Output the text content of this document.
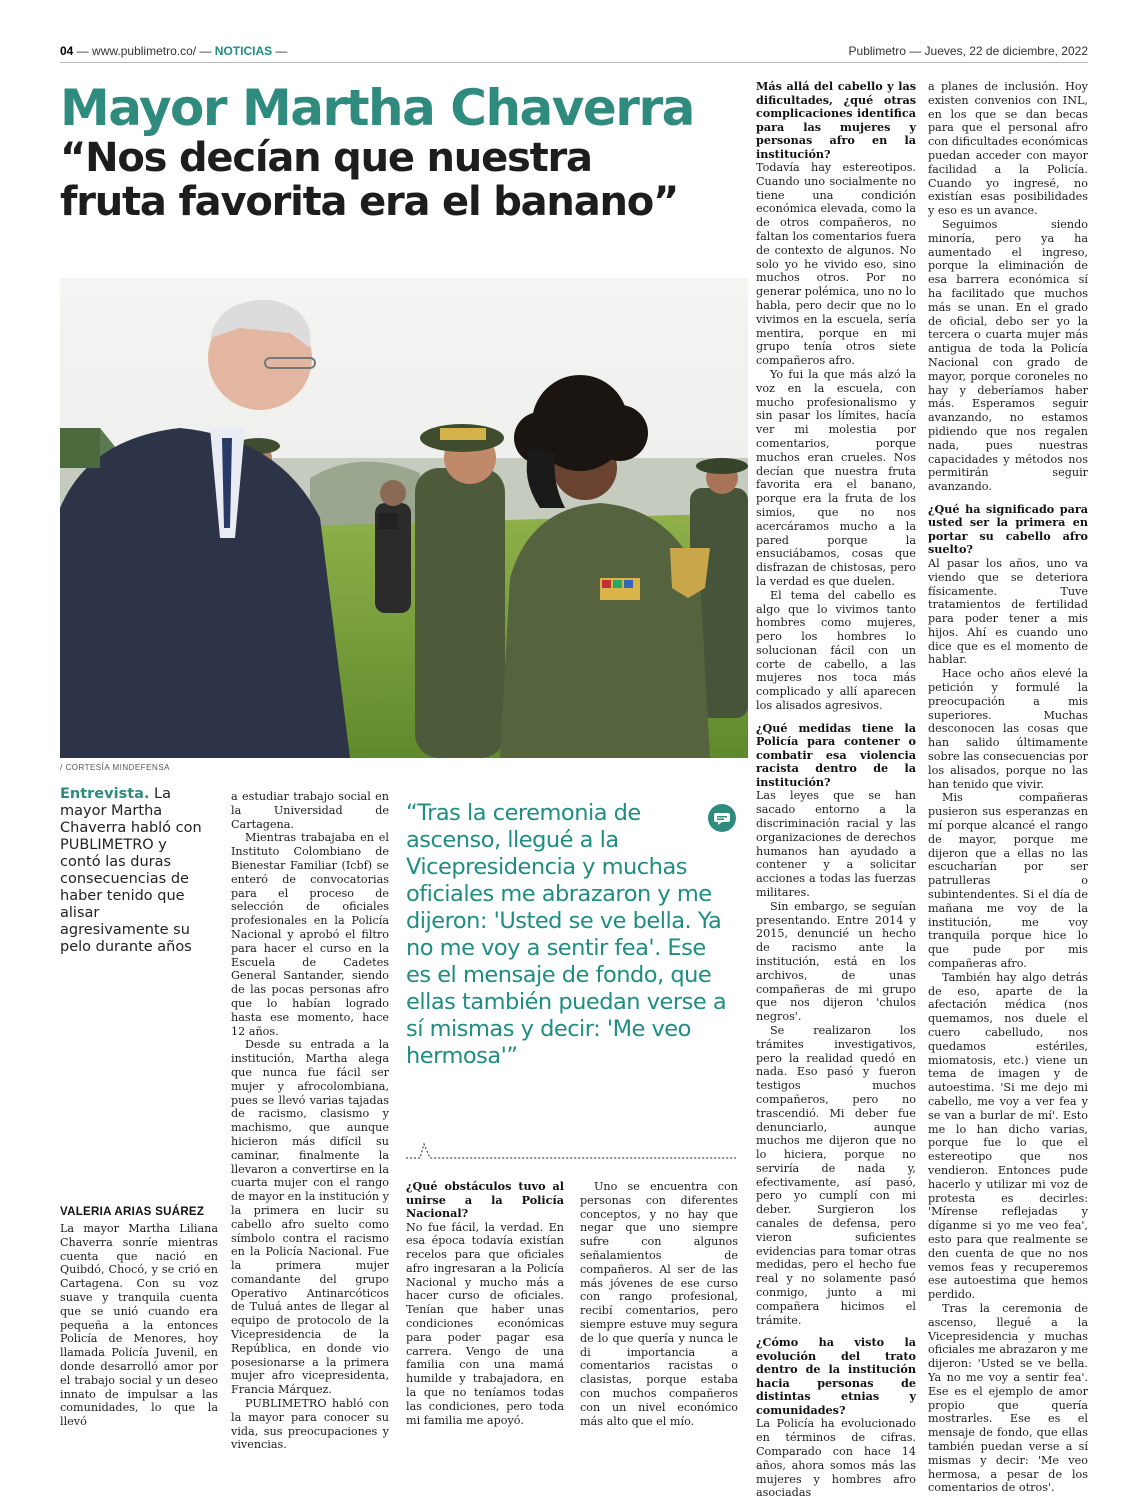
04 — www.publimetro.co/ — NOTICIAS —	Publimetro — Jueves, 22 de diciembre, 2022
Mayor Martha Chaverra
“Nos decían que nuestra
fruta favorita era el banano”
/ CORTESÍA MINDEFENSA
Entrevista. La mayor Martha Chaverra habló con PUBLIMETRO y contó las duras consecuencias de haber tenido que alisar agresivamente su pelo durante años
VALERIA ARIAS SUÁREZ

La mayor Martha Liliana Chaverra sonríe mientras cuenta que nació en Quibdó, Chocó, y se crió en Cartagena. Con su voz suave y tranquila cuenta que se unió cuando era pequeña a la entonces Policía de Menores, hoy llamada Policía Juvenil, en donde desarrolló amor por el trabajo social y un deseo innato de impulsar a las comunidades, lo que la llevó

a estudiar trabajo social en la Universidad de Cartagena.

Mientras trabajaba en el Instituto Colombiano de Bienestar Familiar (Icbf) se enteró de convocatorias para el proceso de selección de oficiales profesionales en la Policía Nacional y aprobó el filtro para hacer el curso en la Escuela de Cadetes General Santander, siendo de las pocas personas afro que lo habían logrado hasta ese momento, hace 12 años.

Desde su entrada a la institución, Martha alega que nunca fue fácil ser mujer y afrocolombiana, pues se llevó varias tajadas de racismo, clasismo y machismo, que aunque hicieron más difícil su caminar, finalmente la llevaron a convertirse en la cuarta mujer con el rango de mayor en la institución y la primera en lucir su cabello afro suelto como símbolo contra el racismo en la Policía Nacional. Fue la primera mujer comandante del grupo Operativo Antinarcóticos de Tuluá antes de llegar al equipo de protocolo de la Vicepresidencia de la República, en donde vio posesionarse a la primera mujer afro vicepresidenta, Francia Márquez.

PUBLIMETRO habló con la mayor para conocer su vida, sus preocupaciones y vivencias.

“Tras la ceremonia de ascenso, llegué a la Vicepresidencia y muchas oficiales me abrazaron y me dijeron: 'Usted se ve bella. Ya no me voy a sentir fea'. Ese es el mensaje de fondo, que ellas también puedan verse a sí mismas y decir: 'Me veo hermosa'”

¿Qué obstáculos tuvo al unirse a la Policía Nacional?

No fue fácil, la verdad. En esa época todavía existían recelos para que oficiales afro ingresaran a la Policía Nacional y mucho más a hacer curso de oficiales. Tenían que haber unas condiciones económicas para poder pagar esa carrera. Vengo de una familia con una mamá humilde y trabajadora, en la que no teníamos todas las condiciones, pero toda mi familia me apoyó.

Uno se encuentra con personas con diferentes conceptos, y no hay que negar que uno siempre sufre con algunos señalamientos de compañeros. Al ser de las más jóvenes de ese curso con rango profesional, recibí comentarios, pero siempre estuve muy segura de lo que quería y nunca le di importancia a comentarios racistas o clasistas, porque estaba con muchos compañeros con un nivel económico más alto que el mío.

Más allá del cabello y las dificultades, ¿qué otras complicaciones identifica para las mujeres y personas afro en la institución?

Todavía hay estereotipos. Cuando uno socialmente no tiene una condición económica elevada, como la de otros compañeros, no faltan los comentarios fuera de contexto de algunos. No solo yo he vivido eso, sino muchos otros. Por no generar polémica, uno no lo habla, pero decir que no lo vivimos en la escuela, sería mentira, porque en mi grupo tenía otros siete compañeros afro.

Yo fui la que más alzó la voz en la escuela, con mucho profesionalismo y sin pasar los límites, hacía ver mi molestia por comentarios, porque muchos eran crueles. Nos decían que nuestra fruta favorita era el banano, porque era la fruta de los simios, que no nos acercáramos mucho a la pared porque la ensuciábamos, cosas que disfrazan de chistosas, pero la verdad es que duelen.

El tema del cabello es algo que lo vivimos tanto hombres como mujeres, pero los hombres lo solucionan fácil con un corte de cabello, a las mujeres nos toca más complicado y allí aparecen los alisados agresivos.

¿Qué medidas tiene la Policía para contener o combatir esa violencia racista dentro de la institución?

Las leyes que se han sacado entorno a la discriminación racial y las organizaciones de derechos humanos han ayudado a contener y a solicitar acciones a todas las fuerzas militares.

Sin embargo, se seguían presentando. Entre 2014 y 2015, denuncié un hecho de racismo ante la institución, está en los archivos, de unas compañeras de mi grupo que nos dijeron 'chulos negros'.

Se realizaron los trámites investigativos, pero la realidad quedó en nada. Eso pasó y fueron testigos muchos compañeros, pero no trascendió. Mi deber fue denunciarlo, aunque muchos me dijeron que no lo hiciera, porque no serviría de nada y, efectivamente, así pasó, pero yo cumplí con mi deber. Surgieron los canales de defensa, pero vieron suficientes evidencias para tomar otras medidas, pero el hecho fue real y no solamente pasó conmigo, junto a mi compañera hicimos el trámite.

¿Cómo ha visto la evolución del trato dentro de la institución hacia personas de distintas etnias y comunidades?

La Policía ha evolucionado en términos de cifras. Comparado con hace 14 años, ahora somos más las mujeres y hombres afro asociadas

a planes de inclusión. Hoy existen convenios con INL, en los que se dan becas para que el personal afro con dificultades económicas puedan acceder con mayor facilidad a la Policía. Cuando yo ingresé, no existían esas posibilidades y eso es un avance.

Seguimos siendo minoría, pero ya ha aumentado el ingreso, porque la eliminación de esa barrera económica sí ha facilitado que muchos más se unan. En el grado de oficial, debo ser yo la tercera o cuarta mujer más antigua de toda la Policía Nacional con grado de mayor, porque coroneles no hay y deberíamos haber más. Esperamos seguir avanzando, no estamos pidiendo que nos regalen nada, pues nuestras capacidades y métodos nos permitirán seguir avanzando.

¿Qué ha significado para usted ser la primera en portar su cabello afro suelto?

Al pasar los años, uno va viendo que se deteriora físicamente. Tuve tratamientos de fertilidad para poder tener a mis hijos. Ahí es cuando uno dice que es el momento de hablar.

Hace ocho años elevé la petición y formulé la preocupación a mis superiores. Muchas desconocen las cosas que han salido últimamente sobre las consecuencias por los alisados, porque no las han tenido que vivir.

Mis compañeras pusieron sus esperanzas en mí porque alcancé el rango de mayor, porque me dijeron que a ellas no las escucharían por ser patrulleras o subintendentes. Si el día de mañana me voy de la institución, me voy tranquila porque hice lo que pude por mis compañeras afro.

También hay algo detrás de eso, aparte de la afectación médica (nos quemamos, nos duele el cuero cabelludo, nos quedamos estériles, miomatosis, etc.) viene un tema de imagen y de autoestima. 'Si me dejo mi cabello, me voy a ver fea y se van a burlar de mí'. Esto me lo han dicho varias, porque fue lo que el estereotipo que nos vendieron. Entonces pude hacerlo y utilizar mi voz de protesta es decirles: 'Mírense reflejadas y díganme si yo me veo fea', esto para que realmente se den cuenta de que no nos vemos feas y recuperemos ese autoestima que hemos perdido.

Tras la ceremonia de ascenso, llegué a la Vicepresidencia y muchas oficiales me abrazaron y me dijeron: 'Usted se ve bella. Ya no me voy a sentir fea'. Ese es el ejemplo de amor propio que quería mostrarles. Ese es el mensaje de fondo, que ellas también puedan verse a sí mismas y decir: 'Me veo hermosa, a pesar de los comentarios de otros'.
